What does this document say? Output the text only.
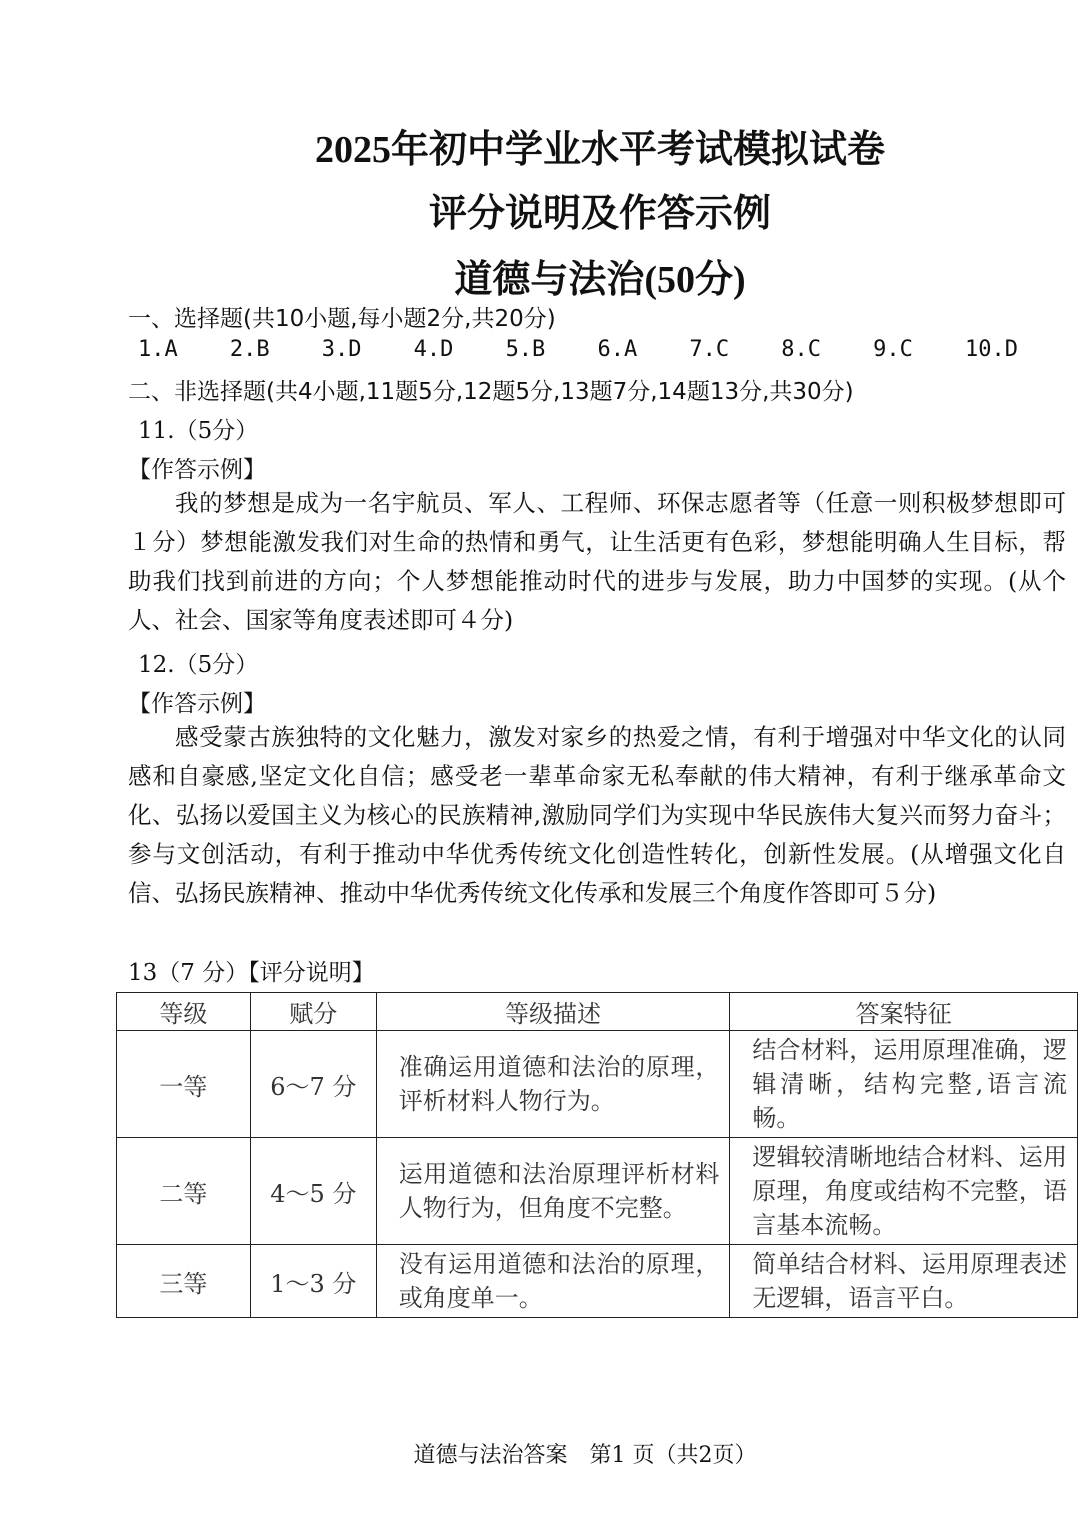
2025年初中学业水平考试模拟试卷
评分说明及作答示例
道德与法治(50分)
一、选择题(共10小题,每小题2分,共20分)
1.A 2.B 3.D 4.D 5.B 6.A 7.C 8.C 9.C 10.D
二、非选择题(共4小题,11题5分,12题5分,13题7分,14题13分,共30分)
11.（5分）
【作答示例】

我的梦想是成为一名宇航员、军人、工程师、环保志愿者等（任意一则积极梦想即可１分）梦想能激发我们对生命的热情和勇气，让生活更有色彩，梦想能明确人生目标，帮助我们找到前进的方向；个人梦想能推动时代的进步与发展，助力中国梦的实现。(从个人、社会、国家等角度表述即可４分)

12.（5分）
【作答示例】

感受蒙古族独特的文化魅力，激发对家乡的热爱之情，有利于增强对中华文化的认同感和自豪感,坚定文化自信；感受老一辈革命家无私奉献的伟大精神，有利于继承革命文化、弘扬以爱国主义为核心的民族精神,激励同学们为实现中华民族伟大复兴而努力奋斗；参与文创活动，有利于推动中华优秀传统文化创造性转化，创新性发展。(从增强文化自信、弘扬民族精神、推动中华优秀传统文化传承和发展三个角度作答即可５分)

13（7 分）【评分说明】
等级	赋分	等级描述	答案特征
一等	6～7 分	准确运用道德和法治的原理，评析材料人物行为。	结合材料，运用原理准确，逻辑清晰，结构完整,语言流畅。
二等	4～5 分	运用道德和法治原理评析材料人物行为，但角度不完整。	逻辑较清晰地结合材料、运用原理，角度或结构不完整，语言基本流畅。
三等	1～3 分	没有运用道德和法治的原理，或角度单一。	简单结合材料、运用原理表述无逻辑，语言平白。
道德与法治答案　第1 页（共2页）
